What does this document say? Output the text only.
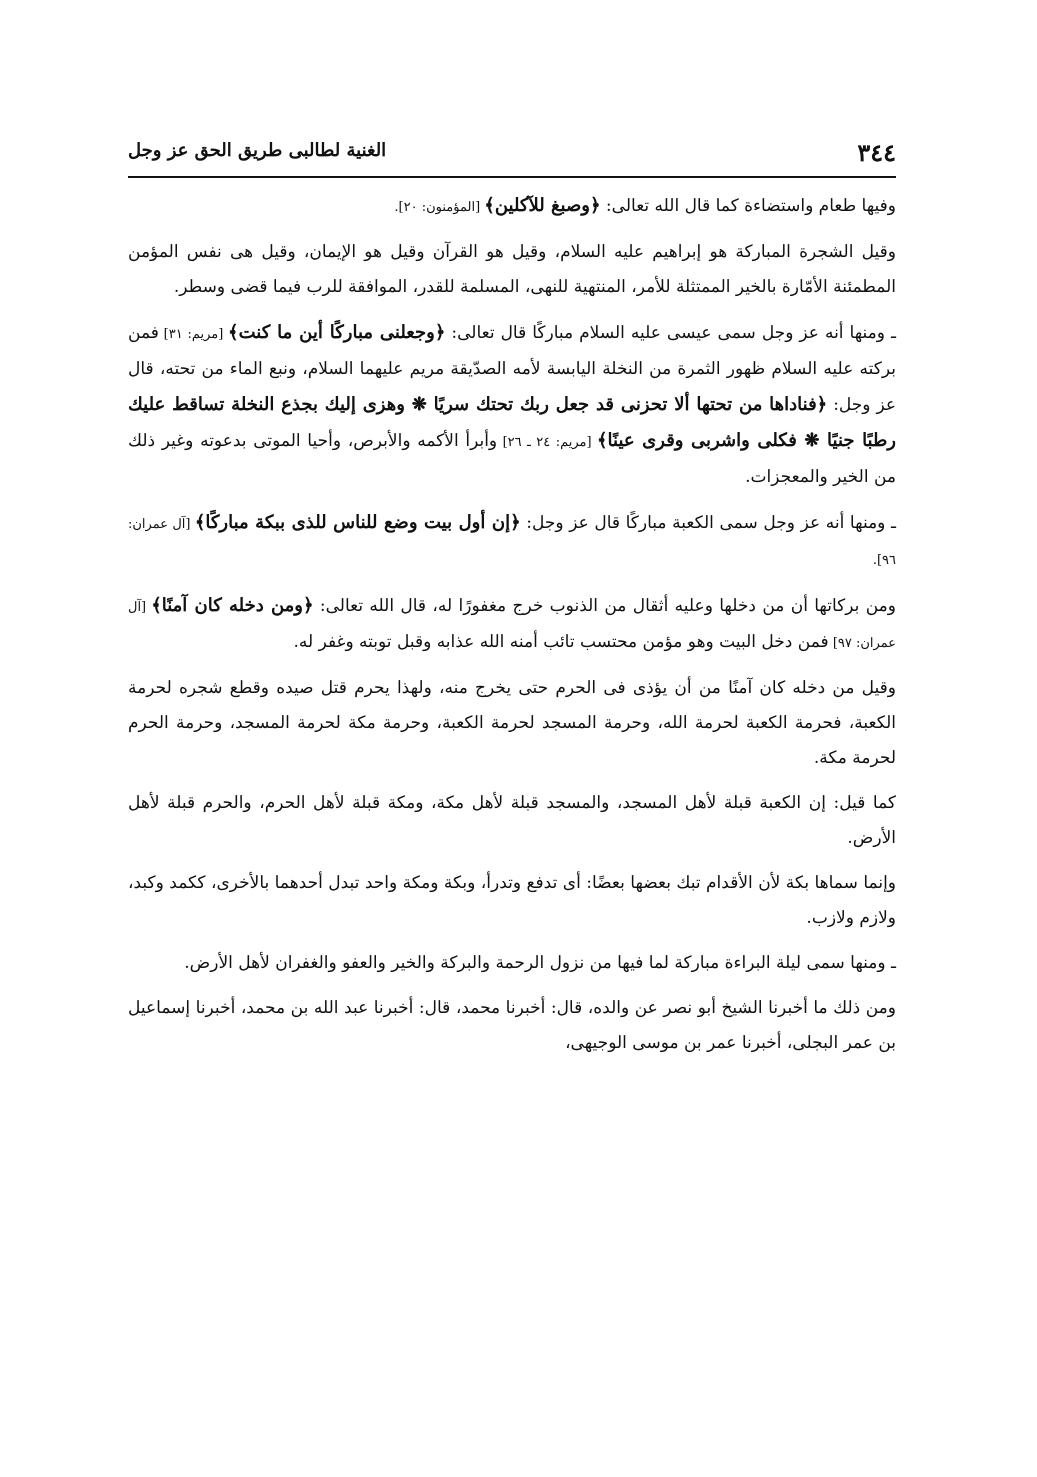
٣٤٤
الغنية لطالبى طريق الحق عز وجل

وفيها طعام واستضاءة كما قال الله تعالى: ﴿وصبغ للآكلين﴾ [المؤمنون: ٢٠].

وقيل الشجرة المباركة هو إبراهيم عليه السلام، وقيل هو القرآن وقيل هو الإيمان، وقيل هى نفس المؤمن المطمئنة الأمّارة بالخير الممتثلة للأمر، المنتهية للنهى، المسلمة للقدر، الموافقة للرب فيما قضى وسطر.

ـ ومنها أنه عز وجل سمى عيسى عليه السلام مباركًا قال تعالى: ﴿وجعلنى مباركًا أين ما كنت﴾ [مريم: ٣١] فمن بركته عليه السلام ظهور الثمرة من النخلة اليابسة لأمه الصدّيقة مريم عليهما السلام، ونبع الماء من تحته، قال عز وجل: ﴿فناداها من تحتها ألا تحزنى قد جعل ربك تحتك سريًا ❋ وهزى إليك بجذع النخلة تساقط عليك رطبًا جنيًا ❋ فكلى واشربى وقرى عينًا﴾ [مريم: ٢٤ ـ ٢٦] وأبرأ الأكمه والأبرص، وأحيا الموتى بدعوته وغير ذلك من الخير والمعجزات.

ـ ومنها أنه عز وجل سمى الكعبة مباركًا قال عز وجل: ﴿إن أول بيت وضع للناس للذى ببكة مباركًا﴾ [آل عمران: ٩٦].

ومن بركاتها أن من دخلها وعليه أثقال من الذنوب خرج مغفورًا له، قال الله تعالى: ﴿ومن دخله كان آمنًا﴾ [آل عمران: ٩٧] فمن دخل البيت وهو مؤمن محتسب تائب أمنه الله عذابه وقبل توبته وغفر له.

وقيل من دخله كان آمنًا من أن يؤذى فى الحرم حتى يخرج منه، ولهذا يحرم قتل صيده وقطع شجره لحرمة الكعبة، فحرمة الكعبة لحرمة الله، وحرمة المسجد لحرمة الكعبة، وحرمة مكة لحرمة المسجد، وحرمة الحرم لحرمة مكة.

كما قيل: إن الكعبة قبلة لأهل المسجد، والمسجد قبلة لأهل مكة، ومكة قبلة لأهل الحرم، والحرم قبلة لأهل الأرض.

وإنما سماها بكة لأن الأقدام تبك بعضها بعضًا: أى تدفع وتدرأ، وبكة ومكة واحد تبدل أحدهما بالأخرى، ككمد وكبد، ولازم ولازب.

ـ ومنها سمى ليلة البراءة مباركة لما فيها من نزول الرحمة والبركة والخير والعفو والغفران لأهل الأرض.

ومن ذلك ما أخبرنا الشيخ أبو نصر عن والده، قال: أخبرنا محمد، قال: أخبرنا عبد الله بن محمد، أخبرنا إسماعيل بن عمر البجلى، أخبرنا عمر بن موسى الوجيهى،
